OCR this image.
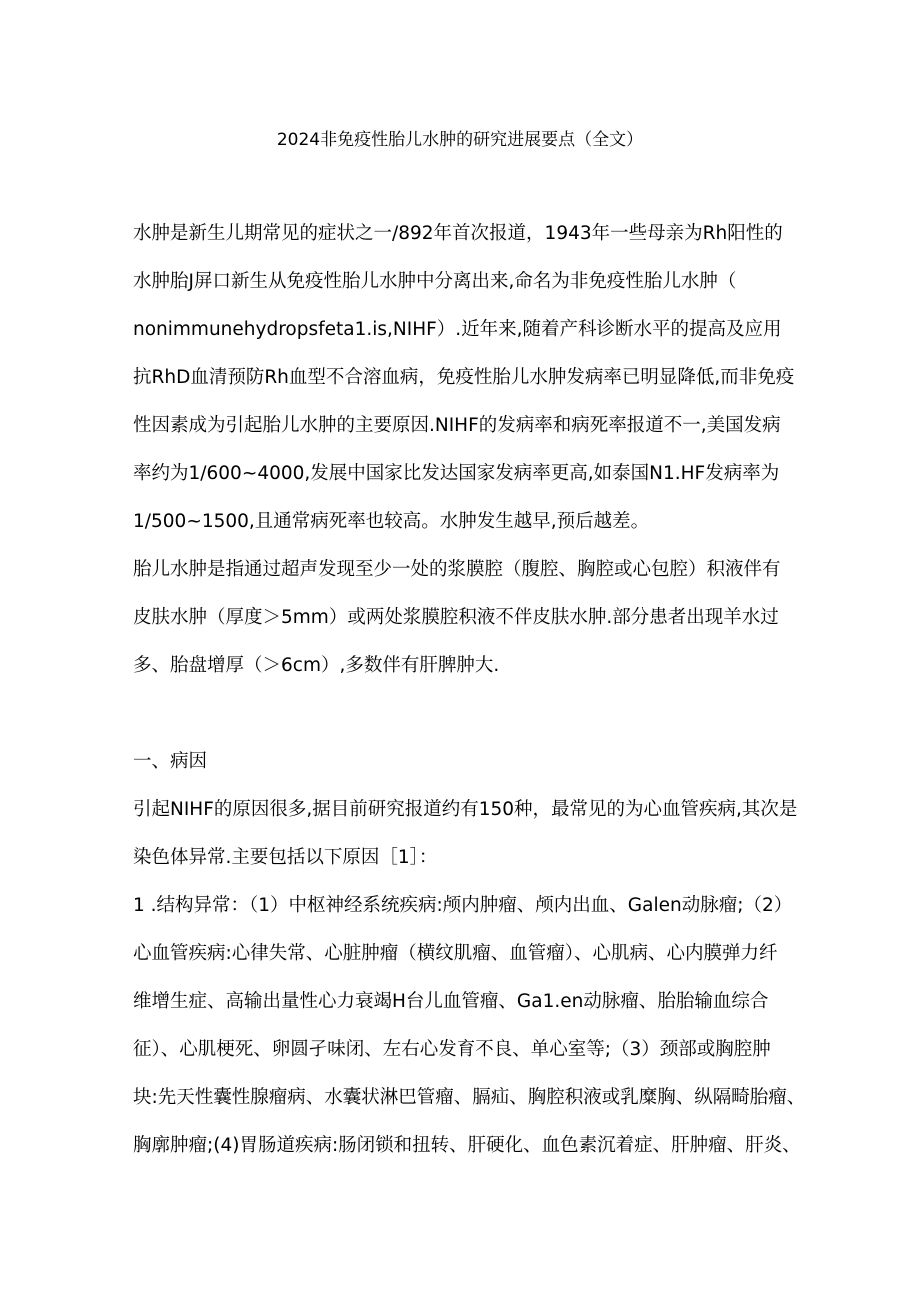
2024非免疫性胎儿水肿的研究进展要点（全文）
水肿是新生儿期常见的症状之一/892年首次报道，1943年一些母亲为Rh阳性的
水肿胎J屏口新生从免疫性胎儿水肿中分离出来,命名为非免疫性胎儿水肿（
nonimmunehydropsfeta1.is,NIHF）.近年来,随着产科诊断水平的提高及应用
抗RhD血清预防Rh血型不合溶血病，免疫性胎儿水肿发病率已明显降低,而非免疫
性因素成为引起胎儿水肿的主要原因.NIHF的发病率和病死率报道不一,美国发病
率约为1∕600~4000,发展中国家比发达国家发病率更高,如泰国N1.HF发病率为
1∕500~1500,且通常病死率也较高。水肿发生越早,预后越差。
胎儿水肿是指通过超声发现至少一处的浆膜腔（腹腔、胸腔或心包腔）积液伴有
皮肤水肿（厚度＞5mm）或两处浆膜腔积液不伴皮肤水肿.部分患者出现羊水过
多、胎盘增厚（＞6cm）,多数伴有肝脾肿大.
一、病因
引起NIHF的原因很多,据目前研究报道约有150种，最常见的为心血管疾病,其次是
染色体异常.主要包括以下原因［1］：
1 .结构异常：（1）中枢神经系统疾病:颅内肿瘤、颅内出血、Galen动脉瘤;（2）
心血管疾病:心律失常、心脏肿瘤（横纹肌瘤、血管瘤）、心肌病、心内膜弹力纤
维增生症、高输出量性心力衰竭H台儿血管瘤、Ga1.en动脉瘤、胎胎输血综合
征）、心肌梗死、卵圆孑味闭、左右心发育不良、单心室等;（3）颈部或胸腔肿
块:先天性囊性腺瘤病、水囊状淋巴管瘤、膈疝、胸腔积液或乳糜胸、纵隔畸胎瘤、
胸廓肿瘤;(4)胃肠道疾病:肠闭锁和扭转、肝硬化、血色素沉着症、肝肿瘤、肝炎、
